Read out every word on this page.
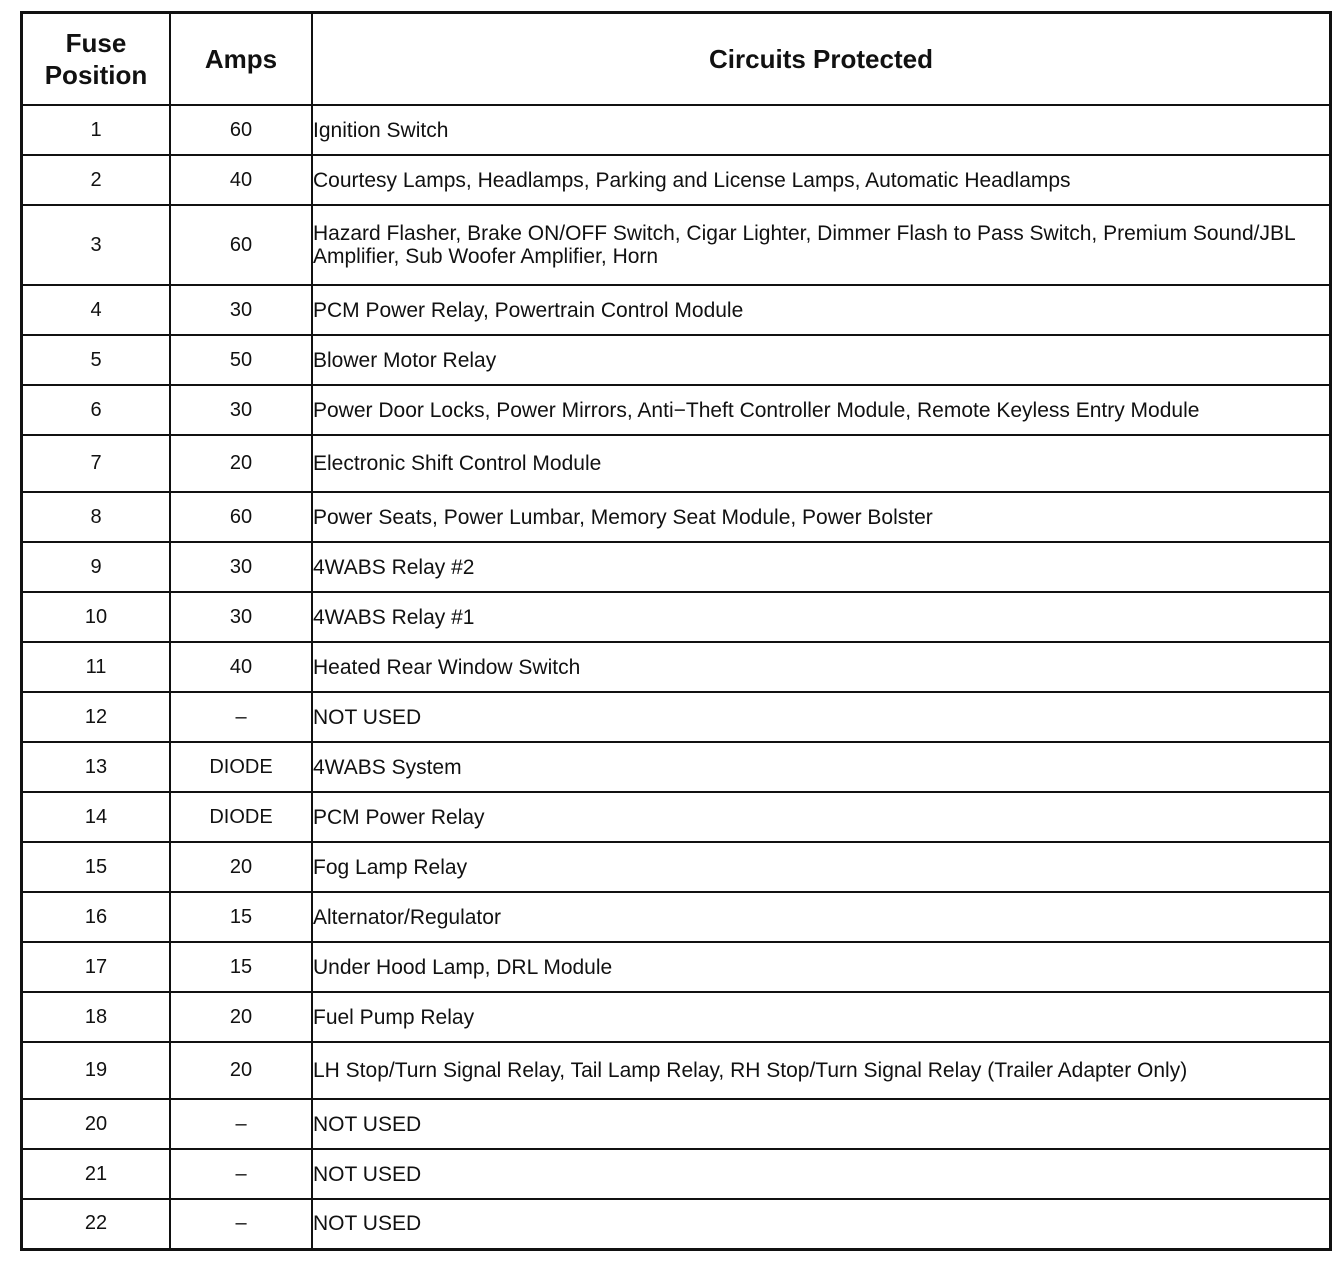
Fuse
Position	Amps	Circuits Protected
1	60	Ignition Switch
2	40	Courtesy Lamps, Headlamps, Parking and License Lamps, Automatic Headlamps
3	60	Hazard Flasher, Brake ON/OFF Switch, Cigar Lighter, Dimmer Flash to Pass Switch, Premium Sound/JBL Amplifier, Sub Woofer Amplifier, Horn
4	30	PCM Power Relay, Powertrain Control Module
5	50	Blower Motor Relay
6	30	Power Door Locks, Power Mirrors, Anti−Theft Controller Module, Remote Keyless Entry Module
7	20	Electronic Shift Control Module
8	60	Power Seats, Power Lumbar, Memory Seat Module, Power Bolster
9	30	4WABS Relay #2
10	30	4WABS Relay #1
11	40	Heated Rear Window Switch
12	–	NOT USED
13	DIODE	4WABS System
14	DIODE	PCM Power Relay
15	20	Fog Lamp Relay
16	15	Alternator/Regulator
17	15	Under Hood Lamp, DRL Module
18	20	Fuel Pump Relay
19	20	LH Stop/Turn Signal Relay, Tail Lamp Relay, RH Stop/Turn Signal Relay (Trailer Adapter Only)
20	–	NOT USED
21	–	NOT USED
22	–	NOT USED
